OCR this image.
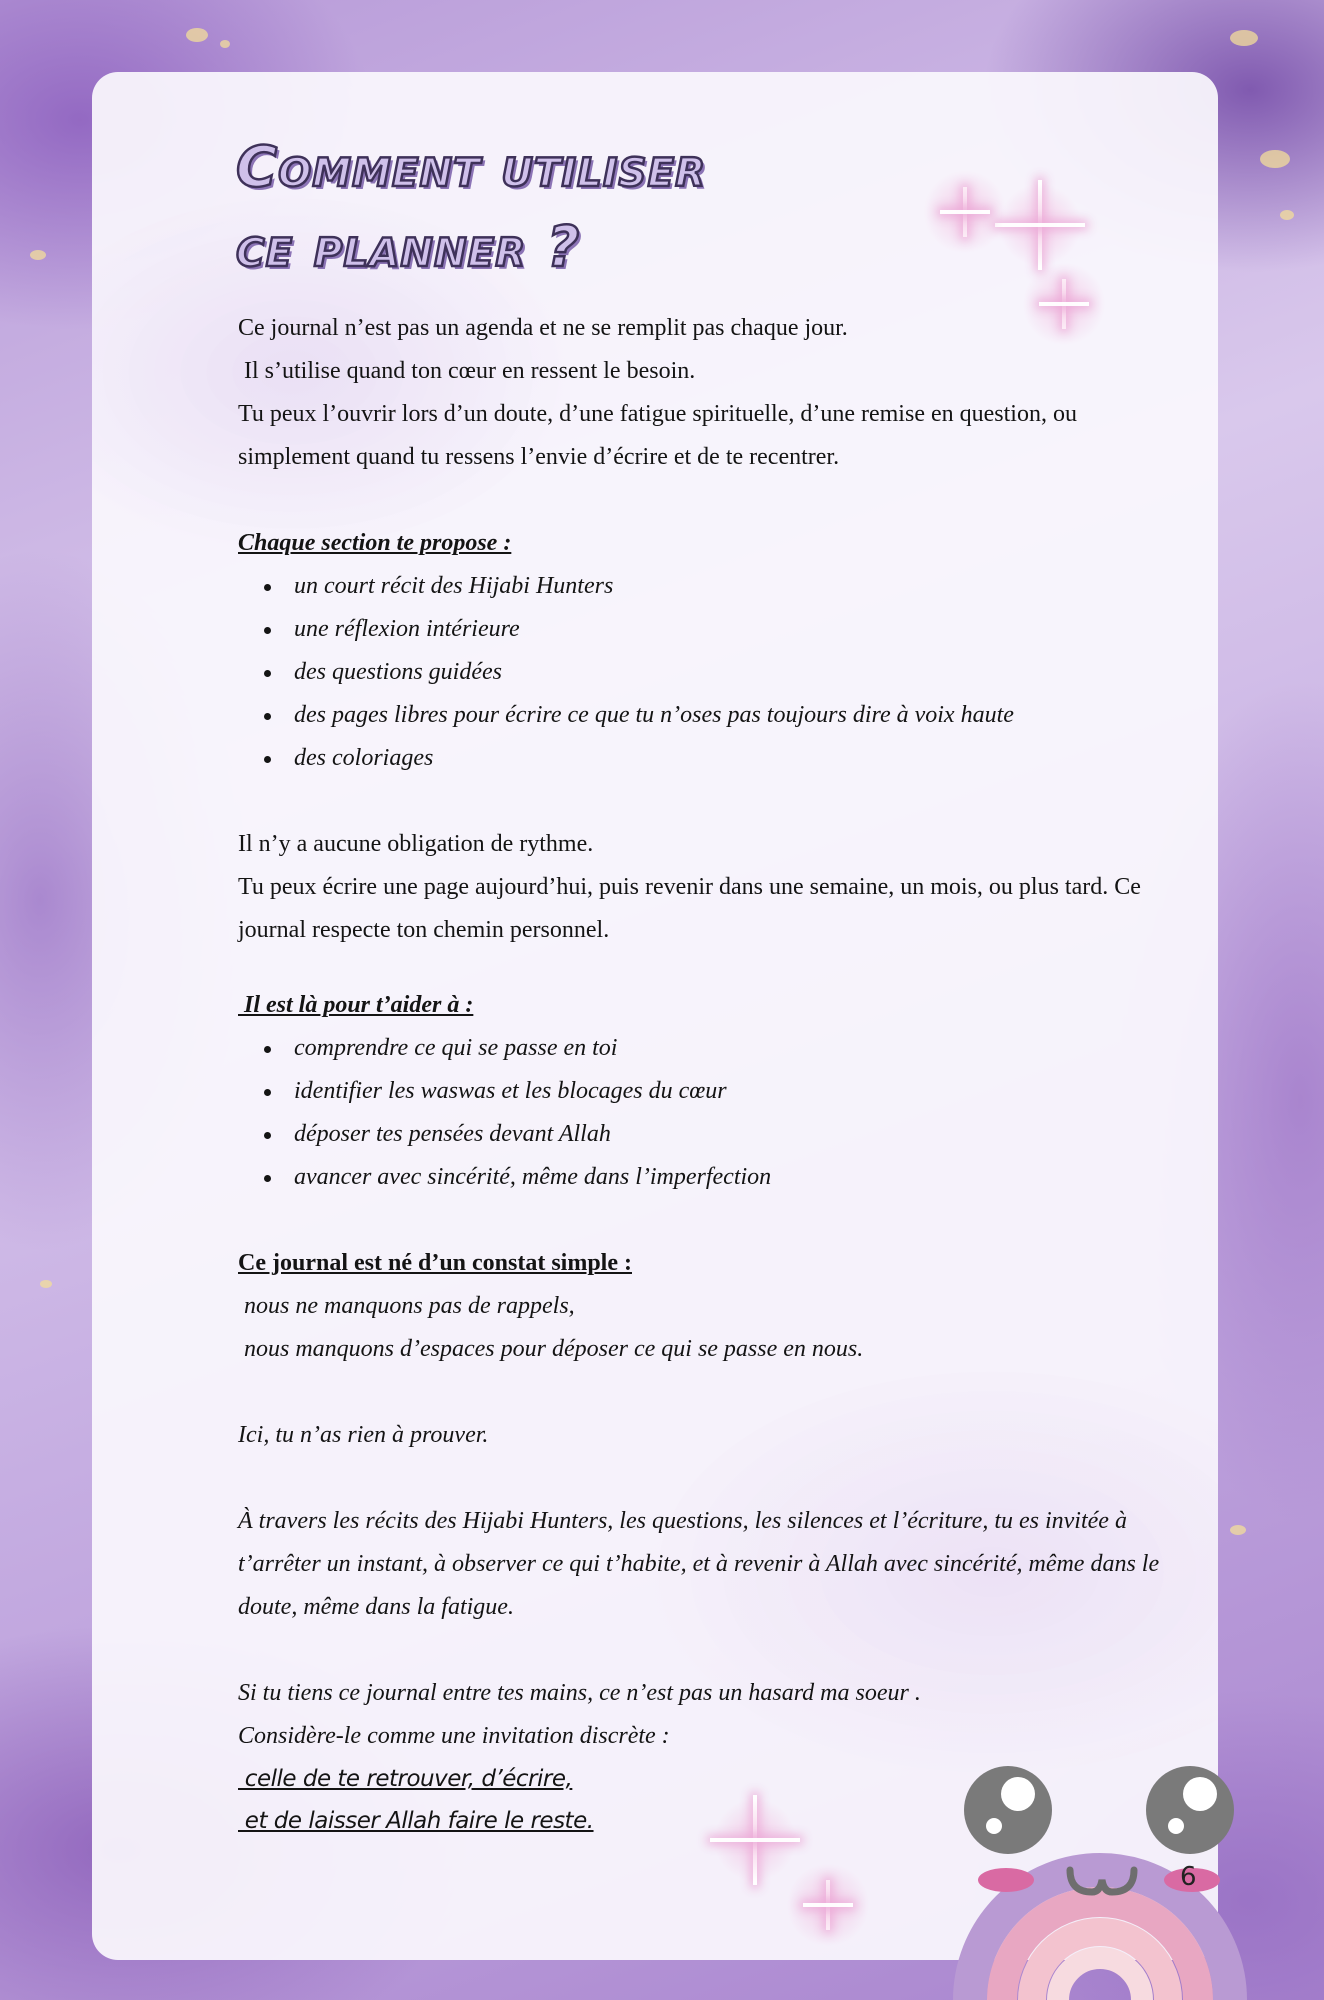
Comment utiliser
ce planner ?

Ce journal n’est pas un agenda et ne se remplit pas chaque jour.

Il s’utilise quand ton cœur en ressent le besoin.

Tu peux l’ouvrir lors d’un doute, d’une fatigue spirituelle, d’une remise en question, ou simplement quand tu ressens l’envie d’écrire et de te recentrer.

Chaque section te propose :

un court récit des Hijabi Hunters
une réflexion intérieure
des questions guidées
des pages libres pour écrire ce que tu n’oses pas toujours dire à voix haute
des coloriages

Il n’y a aucune obligation de rythme.

Tu peux écrire une page aujourd’hui, puis revenir dans une semaine, un mois, ou plus tard. Ce journal respecte ton chemin personnel.

Il est là pour t’aider à :

comprendre ce qui se passe en toi
identifier les waswas et les blocages du cœur
déposer tes pensées devant Allah
avancer avec sincérité, même dans l’imperfection

Ce journal est né d’un constat simple :

nous ne manquons pas de rappels,

nous manquons d’espaces pour déposer ce qui se passe en nous.

Ici, tu n’as rien à prouver.

À travers les récits des Hijabi Hunters, les questions, les silences et l’écriture, tu es invitée à t’arrêter un instant, à observer ce qui t’habite, et à revenir à Allah avec sincérité, même dans le doute, même dans la fatigue.

Si tu tiens ce journal entre tes mains, ce n’est pas un hasard ma soeur .

Considère-le comme une invitation discrète :

celle de te retrouver, d’écrire,

et de laisser Allah faire le reste.

6
